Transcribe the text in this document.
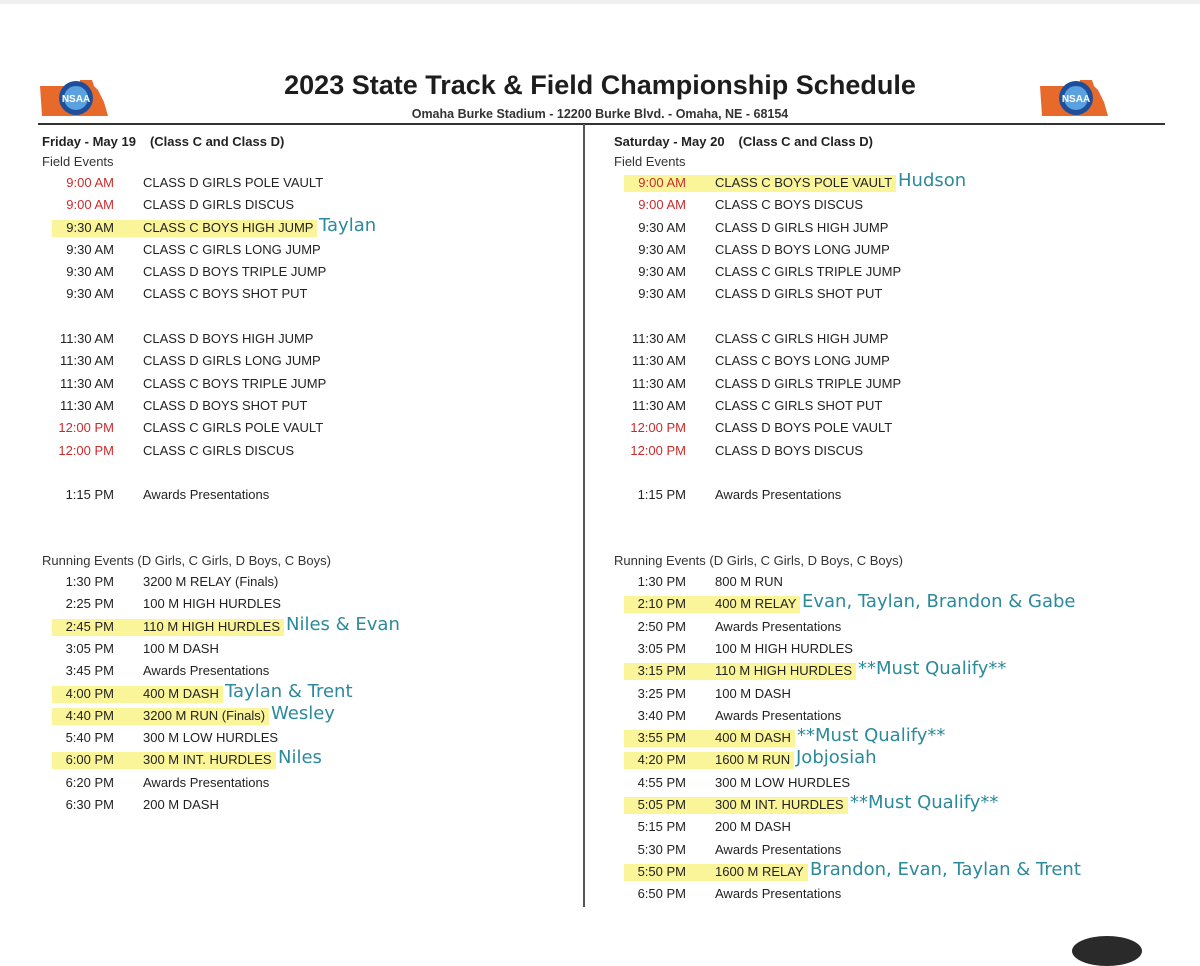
NSAA	NSAA
2023 State Track & Field Championship Schedule
Omaha Burke Stadium - 12200 Burke Blvd. - Omaha, NE - 68154
Friday - May 19 (Class C and Class D)
Field Events
9:00 AM CLASS D GIRLS POLE VAULT
9:00 AM CLASS D GIRLS DISCUS
9:30 AM CLASS C BOYS HIGH JUMP Taylan
9:30 AM CLASS C GIRLS LONG JUMP
9:30 AM CLASS D BOYS TRIPLE JUMP
9:30 AM CLASS C BOYS SHOT PUT
11:30 AM CLASS D BOYS HIGH JUMP
11:30 AM CLASS D GIRLS LONG JUMP
11:30 AM CLASS C BOYS TRIPLE JUMP
11:30 AM CLASS D BOYS SHOT PUT
12:00 PM CLASS C GIRLS POLE VAULT
12:00 PM CLASS C GIRLS DISCUS
1:15 PM Awards Presentations
Running Events (D Girls, C Girls, D Boys, C Boys)
1:30 PM 3200 M RELAY (Finals)
2:25 PM 100 M HIGH HURDLES
2:45 PM 110 M HIGH HURDLES Niles & Evan
3:05 PM 100 M DASH
3:45 PM Awards Presentations
4:00 PM 400 M DASH Taylan & Trent
4:40 PM 3200 M RUN (Finals) Wesley
5:40 PM 300 M LOW HURDLES
6:00 PM 300 M INT. HURDLES Niles
6:20 PM Awards Presentations
6:30 PM 200 M DASH
Saturday - May 20 (Class C and Class D)
Field Events
9:00 AM CLASS C BOYS POLE VAULT Hudson
9:00 AM CLASS C BOYS DISCUS
9:30 AM CLASS D GIRLS HIGH JUMP
9:30 AM CLASS D BOYS LONG JUMP
9:30 AM CLASS C GIRLS TRIPLE JUMP
9:30 AM CLASS D GIRLS SHOT PUT
11:30 AM CLASS C GIRLS HIGH JUMP
11:30 AM CLASS C BOYS LONG JUMP
11:30 AM CLASS D GIRLS TRIPLE JUMP
11:30 AM CLASS C GIRLS SHOT PUT
12:00 PM CLASS D BOYS POLE VAULT
12:00 PM CLASS D BOYS DISCUS
1:15 PM Awards Presentations
Running Events (D Girls, C Girls, D Boys, C Boys)
1:30 PM 800 M RUN
2:10 PM 400 M RELAY Evan, Taylan, Brandon & Gabe
2:50 PM Awards Presentations
3:05 PM 100 M HIGH HURDLES
3:15 PM 110 M HIGH HURDLES **Must Qualify**
3:25 PM 100 M DASH
3:40 PM Awards Presentations
3:55 PM 400 M DASH **Must Qualify**
4:20 PM 1600 M RUN Jobjosiah
4:55 PM 300 M LOW HURDLES
5:05 PM 300 M INT. HURDLES **Must Qualify**
5:15 PM 200 M DASH
5:30 PM Awards Presentations
5:50 PM 1600 M RELAY Brandon, Evan, Taylan & Trent
6:50 PM Awards Presentations
